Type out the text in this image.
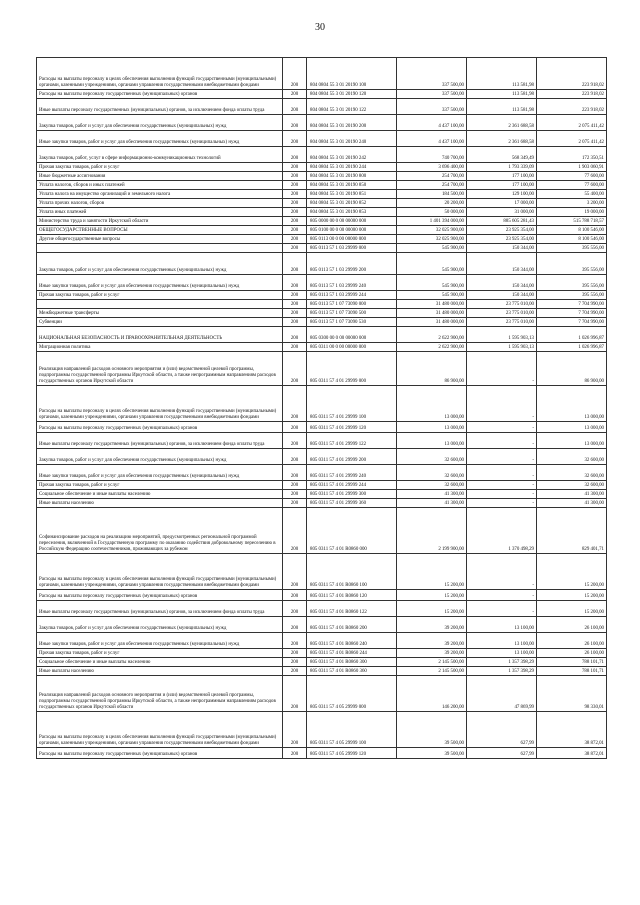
30
Расходы на выплаты персоналу в целях обеспечения выполнения функций государственными (муниципальными) органами, казенными учреждениями, органами управления государственными внебюджетными фондами	200	804 0804 55 3 01 20190 100	337 500,00	113 581,98	223 918,02
Расходы на выплаты персоналу государственных (муниципальных) органов	200	804 0804 55 3 01 20190 120	337 500,00	113 581,98	223 918,02
Иные выплаты персоналу государственных (муниципальных) органов, за исключением фонда оплаты труда	200	804 0804 55 3 01 20190 122	337 500,00	113 581,98	223 918,02
Закупка товаров, работ и услуг для обеспечения государственных (муниципальных) нужд	200	804 0804 55 3 01 20190 200	4 437 100,00	2 361 688,58	2 075 411,42
Иные закупки товаров, работ и услуг для обеспечения государственных (муниципальных) нужд	200	804 0804 55 3 01 20190 240	4 437 100,00	2 361 688,58	2 075 411,42
Закупка товаров, работ, услуг в сфере информационно-коммуникационных технологий	200	804 0804 55 3 01 20190 242	740 700,00	568 349,49	172 350,51
Прочая закупка товаров, работ и услуг	200	804 0804 55 3 01 20190 244	3 696 400,00	1 793 339,09	1 903 060,91
Иные бюджетные ассигнования	200	804 0804 55 3 01 20190 800	254 700,00	177 100,00	77 600,00
Уплата налогов, сборов и иных платежей	200	804 0804 55 3 01 20190 850	254 700,00	177 100,00	77 600,00
Уплата налога на имущество организаций и земельного налога	200	804 0804 55 3 01 20190 851	184 500,00	129 100,00	55 400,00
Уплата прочих налогов, сборов	200	804 0804 55 3 01 20190 852	20 200,00	17 000,00	3 200,00
Уплата иных платежей	200	804 0804 55 3 01 20190 853	50 000,00	31 000,00	19 000,00
Министерство труда и занятости Иркутской области	200	805 0000 00 0 00 00000 000	1 401 394 000,00	885 605 281,43	515 788 718,57
ОБЩЕГОСУДАРСТВЕННЫЕ ВОПРОСЫ	200	805 0100 00 0 00 00000 000	32 025 900,00	23 925 354,00	8 100 546,00
Другие общегосударственные вопросы	200	805 0113 00 0 00 00000 000	32 025 900,00	23 925 354,00	8 100 546,00
	200	805 0113 57 1 03 29999 000	545 900,00	150 344,00	395 556,00
Закупка товаров, работ и услуг для обеспечения государственных (муниципальных) нужд	200	805 0113 57 1 03 29999 200	545 900,00	150 344,00	395 556,00
Иные закупки товаров, работ и услуг для обеспечения государственных (муниципальных) нужд	200	805 0113 57 1 03 29999 240	545 900,00	150 344,00	395 556,00
Прочая закупка товаров, работ и услуг	200	805 0113 57 1 03 29999 244	545 900,00	150 344,00	395 556,00
	200	805 0113 57 1 07 73090 000	31 480 000,00	23 775 010,00	7 704 990,00
Межбюджетные трансферты	200	805 0113 57 1 07 73090 500	31 480 000,00	23 775 010,00	7 704 990,00
Субвенции	200	805 0113 57 1 07 73090 530	31 480 000,00	23 775 010,00	7 704 990,00
НАЦИОНАЛЬНАЯ БЕЗОПАСНОСТЬ И ПРАВООХРАНИТЕЛЬНАЯ ДЕЯТЕЛЬНОСТЬ	200	805 0300 00 0 00 00000 000	2 622 900,00	1 595 903,13	1 026 996,87
Миграционная политика	200	805 0311 00 0 00 00000 000	2 622 900,00	1 595 903,13	1 026 996,87
Реализация направлений расходов основного мероприятия и (или) ведомственной целевой программы, подпрограммы государственной программы Иркутской области, а также непрограммным направлениям расходов государственных органов Иркутской области	200	805 0311 57 4 01 29999 000	86 900,00	-	86 900,00
Расходы на выплаты персоналу в целях обеспечения выполнения функций государственными (муниципальными) органами, казенными учреждениями, органами управления государственными внебюджетными фондами	200	805 0311 57 4 01 29999 100	13 000,00	-	13 000,00
Расходы на выплаты персоналу государственных (муниципальных) органов	200	805 0311 57 4 01 29999 120	13 000,00	-	13 000,00
Иные выплаты персоналу государственных (муниципальных) органов, за исключением фонда оплаты труда	200	805 0311 57 4 01 29999 122	13 000,00	-	13 000,00
Закупка товаров, работ и услуг для обеспечения государственных (муниципальных) нужд	200	805 0311 57 4 01 29999 200	32 600,00	-	32 600,00
Иные закупки товаров, работ и услуг для обеспечения государственных (муниципальных) нужд	200	805 0311 57 4 01 29999 240	32 600,00	-	32 600,00
Прочая закупка товаров, работ и услуг	200	805 0311 57 4 01 29999 244	32 600,00	-	32 600,00
Социальное обеспечение и иные выплаты населению	200	805 0311 57 4 01 29999 300	41 300,00	-	41 300,00
Иные выплаты населению	200	805 0311 57 4 01 29999 360	41 300,00	-	41 300,00
Софинансирование расходов на реализацию мероприятий, предусмотренных региональной программой переселения, включенной в Государственную программу по оказанию содействия добровольному переселению в Российскую Федерацию соотечественников, проживающих за рубежом	200	805 0311 57 4 01 R0860 000	2 199 900,00	1 370 498,29	829 401,71
Расходы на выплаты персоналу в целях обеспечения выполнения функций государственными (муниципальными) органами, казенными учреждениями, органами управления государственными внебюджетными фондами	200	805 0311 57 4 01 R0860 100	15 200,00	-	15 200,00
Расходы на выплаты персоналу государственных (муниципальных) органов	200	805 0311 57 4 01 R0860 120	15 200,00	-	15 200,00
Иные выплаты персоналу государственных (муниципальных) органов, за исключением фонда оплаты труда	200	805 0311 57 4 01 R0860 122	15 200,00	-	15 200,00
Закупка товаров, работ и услуг для обеспечения государственных (муниципальных) нужд	200	805 0311 57 4 01 R0860 200	39 200,00	13 100,00	26 100,00
Иные закупки товаров, работ и услуг для обеспечения государственных (муниципальных) нужд	200	805 0311 57 4 01 R0860 240	39 200,00	13 100,00	26 100,00
Прочая закупка товаров, работ и услуг	200	805 0311 57 4 01 R0860 244	39 200,00	13 100,00	26 100,00
Социальное обеспечение и иные выплаты населению	200	805 0311 57 4 01 R0860 300	2 145 500,00	1 357 398,29	788 101,71
Иные выплаты населению	200	805 0311 57 4 01 R0860 360	2 145 500,00	1 357 398,29	788 101,71
Реализация направлений расходов основного мероприятия и (или) ведомственной целевой программы, подпрограммы государственной программы Иркутской области, а также непрограммным направлениям расходов государственных органов Иркутской области	200	805 0311 57 4 05 29999 000	146 200,00	47 869,99	98 330,01
Расходы на выплаты персоналу в целях обеспечения выполнения функций государственными (муниципальными) органами, казенными учреждениями, органами управления государственными внебюджетными фондами	200	805 0311 57 4 05 29999 100	39 500,00	627,99	38 872,01
Расходы на выплаты персоналу государственных (муниципальных) органов	200	805 0311 57 4 05 29999 120	39 500,00	627,99	38 872,01
